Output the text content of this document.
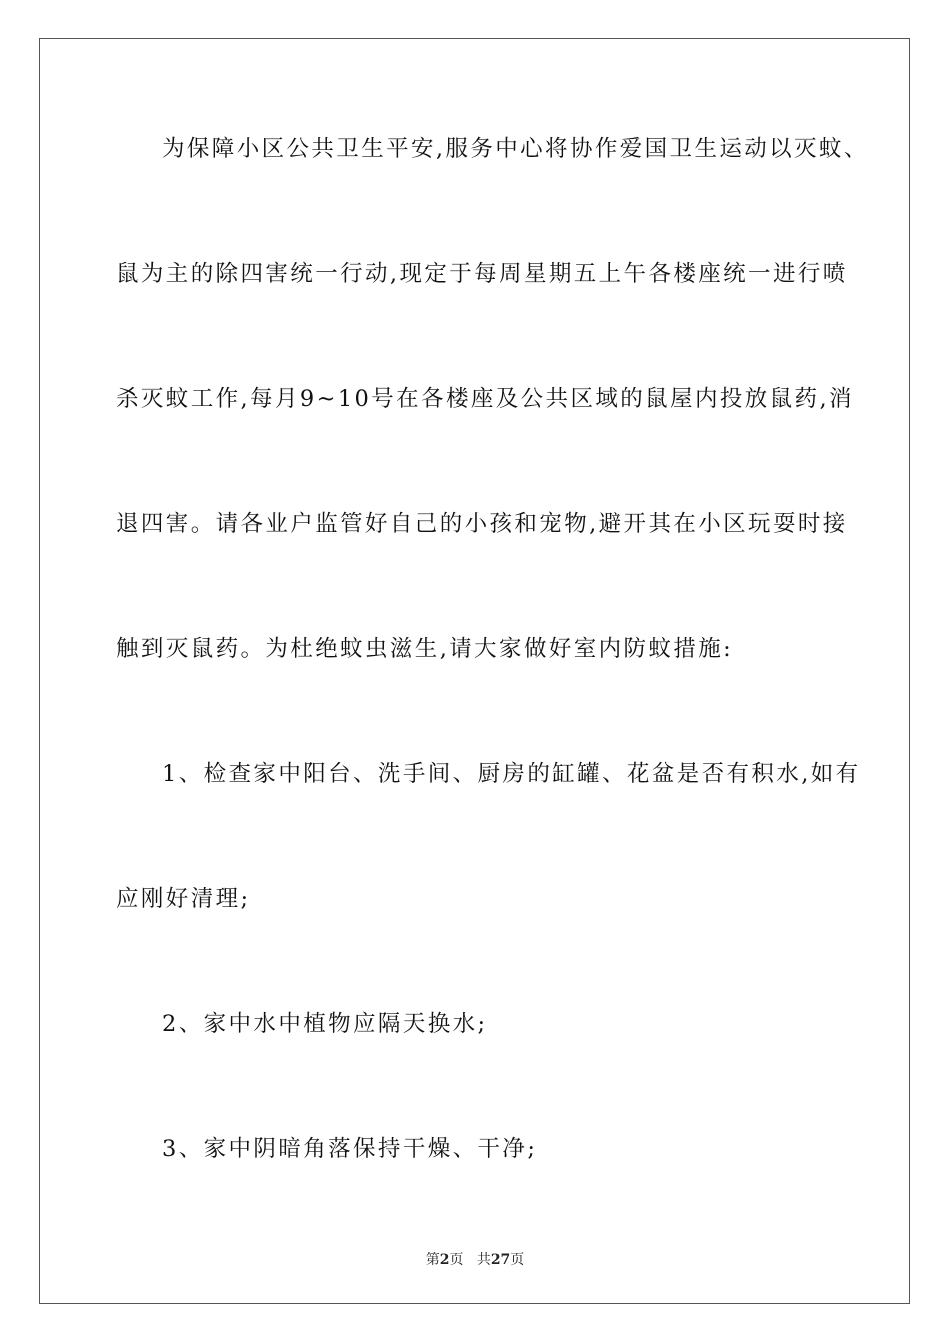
为保障小区公共卫生平安,服务中心将协作爱国卫生运动以灭蚊、
鼠为主的除四害统一行动,现定于每周星期五上午各楼座统一进行喷
杀灭蚊工作,每月9~10号在各楼座及公共区域的鼠屋内投放鼠药,消
退四害。请各业户监管好自己的小孩和宠物,避开其在小区玩耍时接
触到灭鼠药。为杜绝蚊虫滋生,请大家做好室内防蚊措施:
1、检查家中阳台、洗手间、厨房的缸罐、花盆是否有积水,如有
应刚好清理;
2、家中水中植物应隔天换水;
3、家中阴暗角落保持干燥、干净;
第2页 共27页
